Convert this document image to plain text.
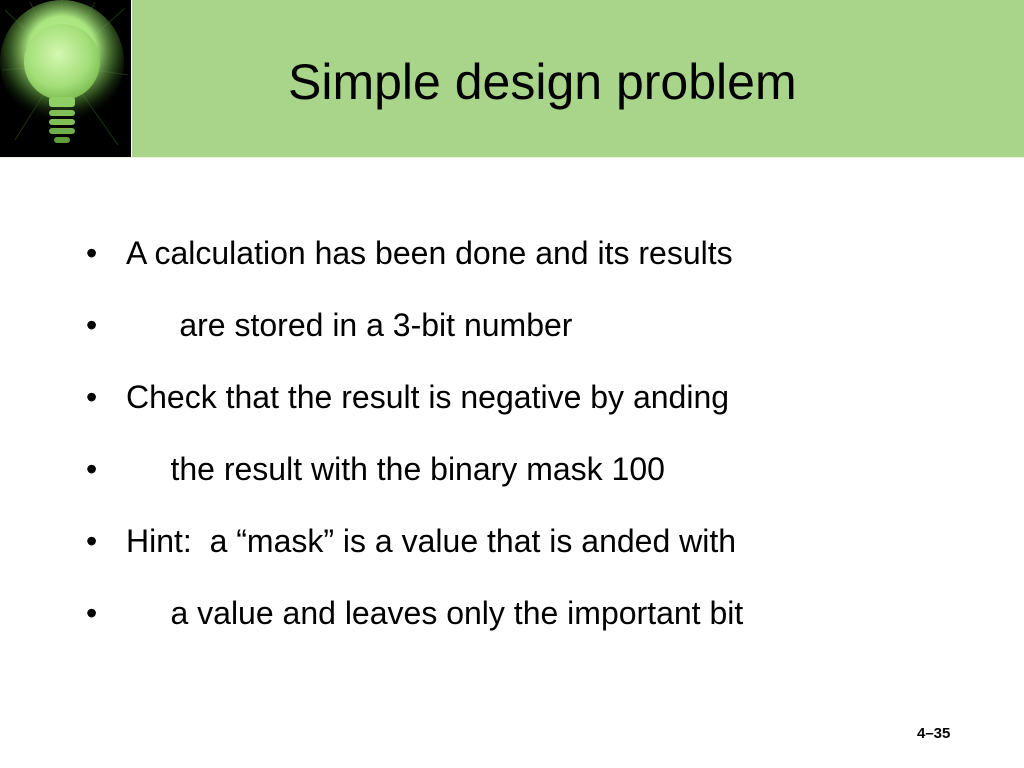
Simple design problem

•

A calculation has been done and its results

•

are stored in a 3-bit number

•

Check that the result is negative by anding

•

the result with the binary mask 100

•

Hint:  a “mask” is a value that is anded with

•

a value and leaves only the important bit

4–35
